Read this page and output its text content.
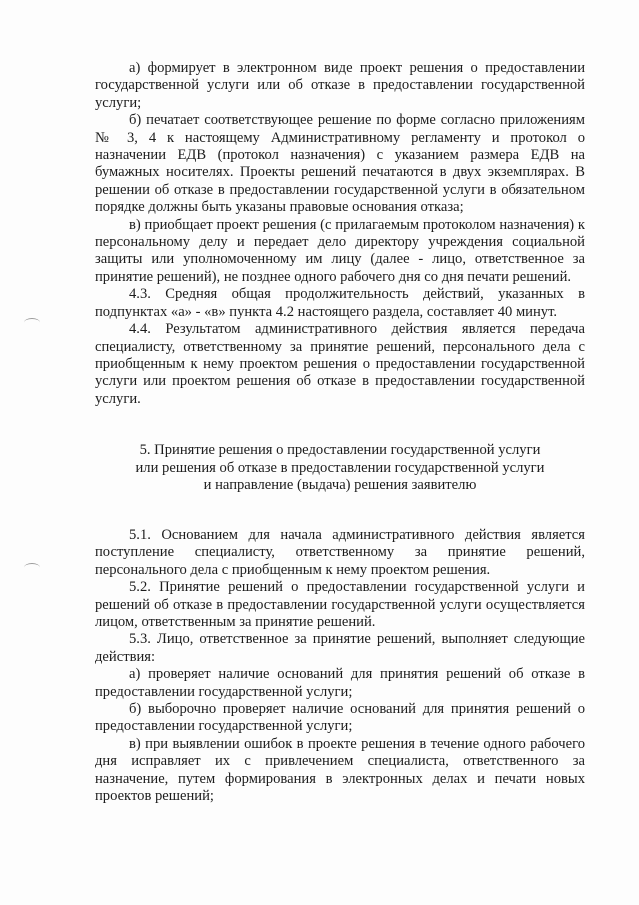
а) формирует в электронном виде проект решения о предоставлении государственной услуги или об отказе в предоставлении государственной услуги;

б) печатает соответствующее решение по форме согласно приложениям № 3, 4 к настоящему Административному регламенту и протокол о назначении ЕДВ (протокол назначения) с указанием размера ЕДВ на бумажных носителях. Проекты решений печатаются в двух экземплярах. В решении об отказе в предоставлении государственной услуги в обязательном порядке должны быть указаны правовые основания отказа;

в) приобщает проект решения (с прилагаемым протоколом назначения) к персональному делу и передает дело директору учреждения социальной защиты или уполномоченному им лицу (далее - лицо, ответственное за принятие решений), не позднее одного рабочего дня со дня печати решений.

4.3. Средняя общая продолжительность действий, указанных в подпунктах «а» - «в» пункта 4.2 настоящего раздела, составляет 40 минут.

4.4. Результатом административного действия является передача специалисту, ответственному за принятие решений, персонального дела с приобщенным к нему проектом решения о предоставлении государственной услуги или проектом решения об отказе в предоставлении государственной услуги.

5. Принятие решения о предоставлении государственной услуги
или решения об отказе в предоставлении государственной услуги
и направление (выдача) решения заявителю

5.1. Основанием для начала административного действия является поступление специалисту, ответственному за принятие решений, персонального дела с приобщенным к нему проектом решения.

5.2. Принятие решений о предоставлении государственной услуги и решений об отказе в предоставлении государственной услуги осуществляется лицом, ответственным за принятие решений.

5.3. Лицо, ответственное за принятие решений, выполняет следующие действия:

а) проверяет наличие оснований для принятия решений об отказе в предоставлении государственной услуги;

б) выборочно проверяет наличие оснований для принятия решений о предоставлении государственной услуги;

в) при выявлении ошибок в проекте решения в течение одного рабочего дня исправляет их с привлечением специалиста, ответственного за назначение, путем формирования в электронных делах и печати новых проектов решений;
